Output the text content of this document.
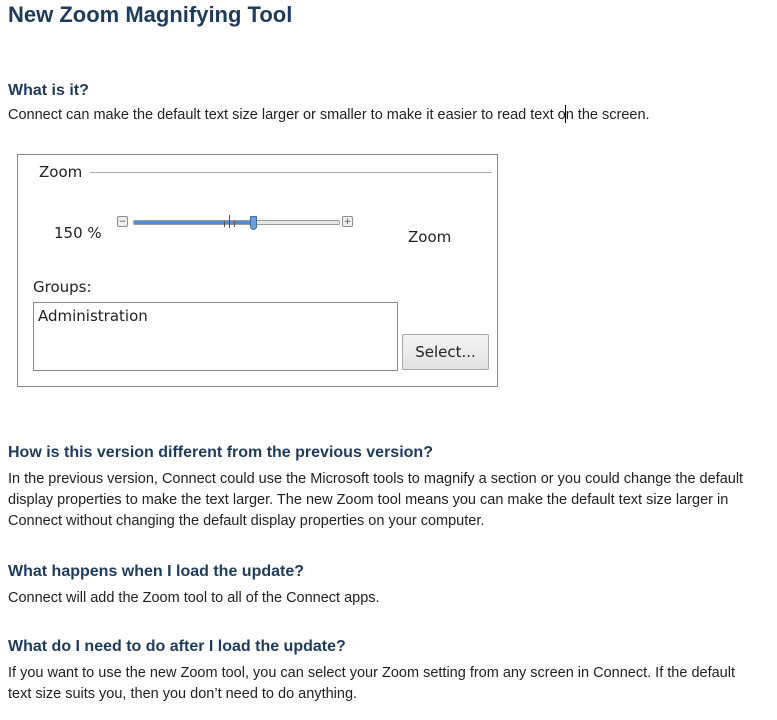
New Zoom Magnifying Tool
What is it?
Connect can make the default text size larger or smaller to make it easier to read text on the screen.
Zoom
150 %
−	+
Zoom
Groups:
Administration
Select...
How is this version different from the previous version?
In the previous version, Connect could use the Microsoft tools to magnify a section or you could change the default display properties to make the text larger. The new Zoom tool means you can make the default text size larger in Connect without changing the default display properties on your computer.
What happens when I load the update?
Connect will add the Zoom tool to all of the Connect apps.
What do I need to do after I load the update?
If you want to use the new Zoom tool, you can select your Zoom setting from any screen in Connect. If the default text size suits you, then you don’t need to do anything.
